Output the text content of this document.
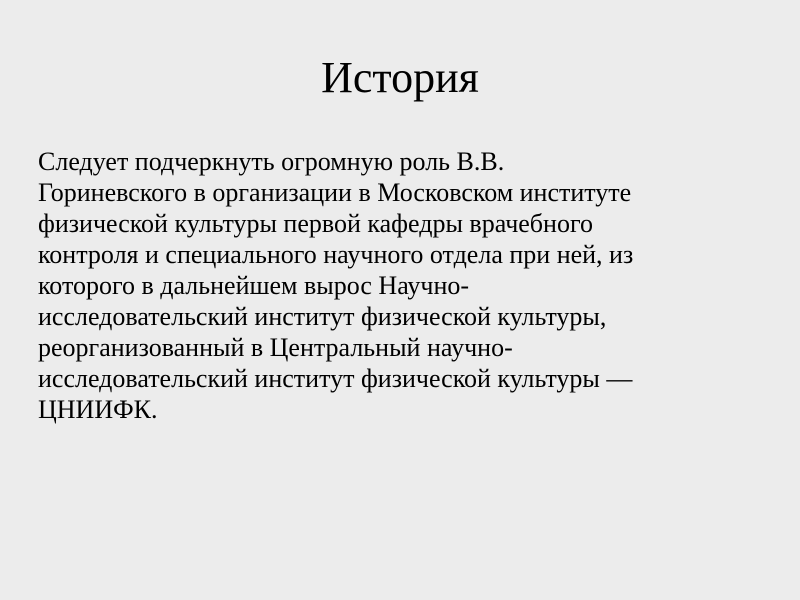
История
Следует подчеркнуть огромную роль В.В.
Гориневского в организации в Московском институте
физической культуры первой кафедры врачебного
контроля и специального научного отдела при ней, из
которого в дальнейшем вырос Научно-
исследовательский институт физической культуры,
реорганизованный в Центральный научно-
исследовательский институт физической культуры —
ЦНИИФК.
